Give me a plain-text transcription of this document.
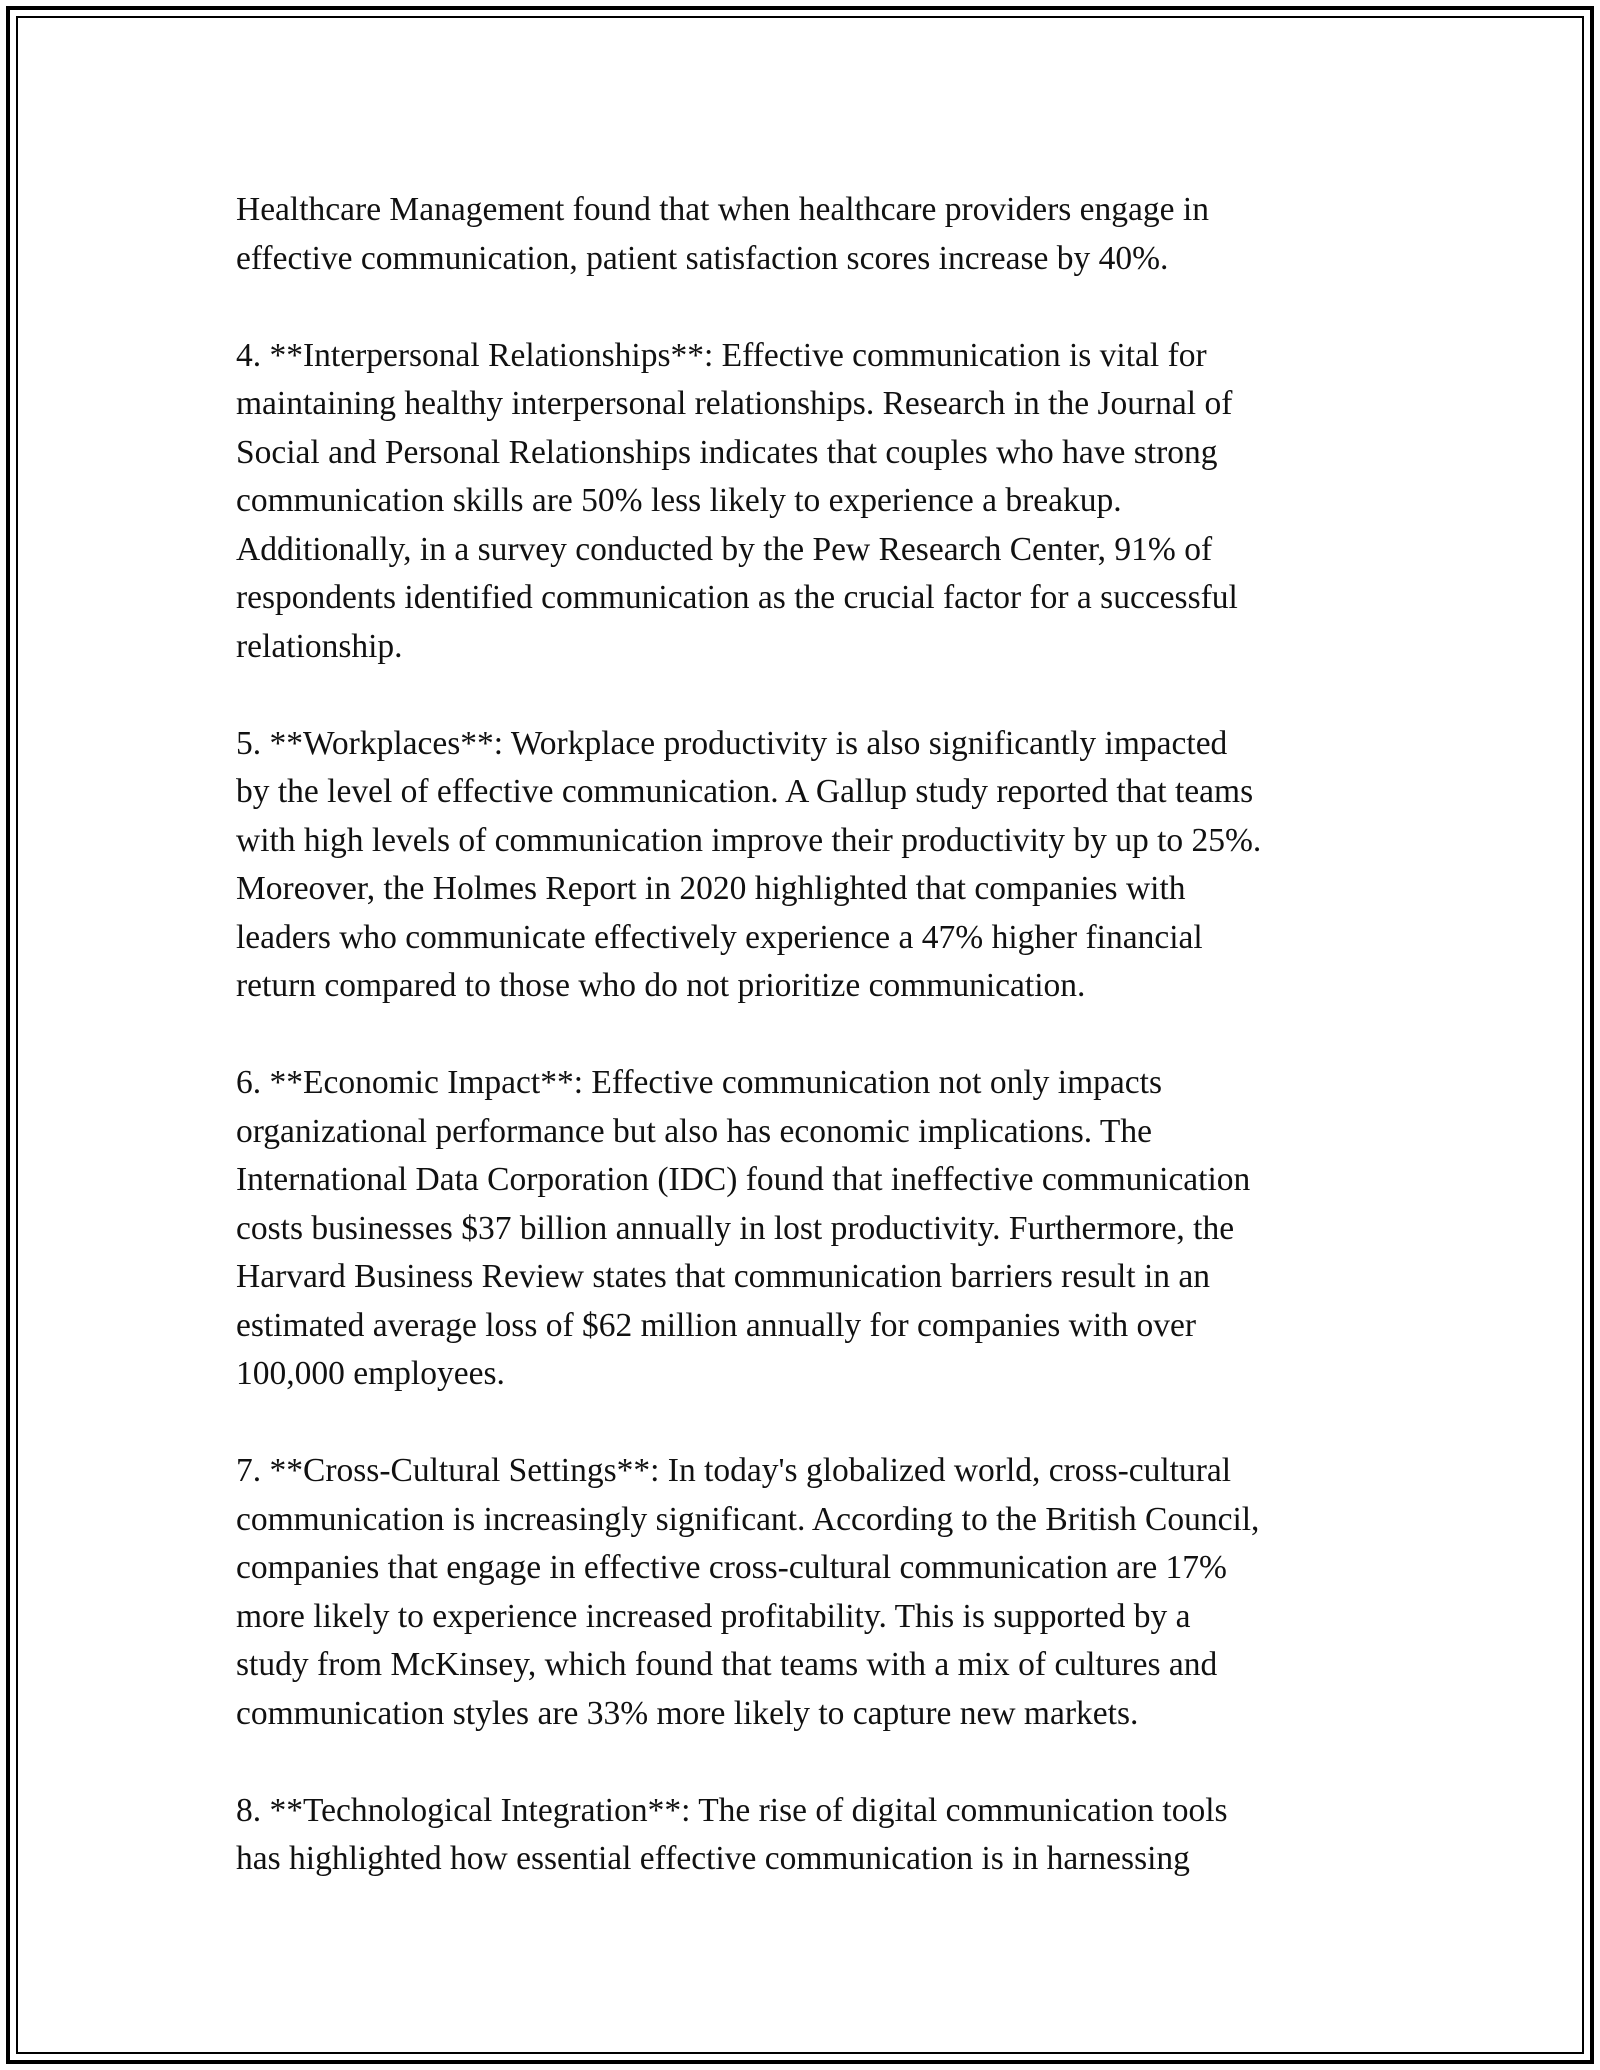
Healthcare Management found that when healthcare providers engage in
effective communication, patient satisfaction scores increase by 40%.

4. **Interpersonal Relationships**: Effective communication is vital for
maintaining healthy interpersonal relationships. Research in the Journal of
Social and Personal Relationships indicates that couples who have strong
communication skills are 50% less likely to experience a breakup.
Additionally, in a survey conducted by the Pew Research Center, 91% of
respondents identified communication as the crucial factor for a successful
relationship.

5. **Workplaces**: Workplace productivity is also significantly impacted
by the level of effective communication. A Gallup study reported that teams
with high levels of communication improve their productivity by up to 25%.
Moreover, the Holmes Report in 2020 highlighted that companies with
leaders who communicate effectively experience a 47% higher financial
return compared to those who do not prioritize communication.

6. **Economic Impact**: Effective communication not only impacts
organizational performance but also has economic implications. The
International Data Corporation (IDC) found that ineffective communication
costs businesses $37 billion annually in lost productivity. Furthermore, the
Harvard Business Review states that communication barriers result in an
estimated average loss of $62 million annually for companies with over
100,000 employees.

7. **Cross-Cultural Settings**: In today's globalized world, cross-cultural
communication is increasingly significant. According to the British Council,
companies that engage in effective cross-cultural communication are 17%
more likely to experience increased profitability. This is supported by a
study from McKinsey, which found that teams with a mix of cultures and
communication styles are 33% more likely to capture new markets.

8. **Technological Integration**: The rise of digital communication tools
has highlighted how essential effective communication is in harnessing
